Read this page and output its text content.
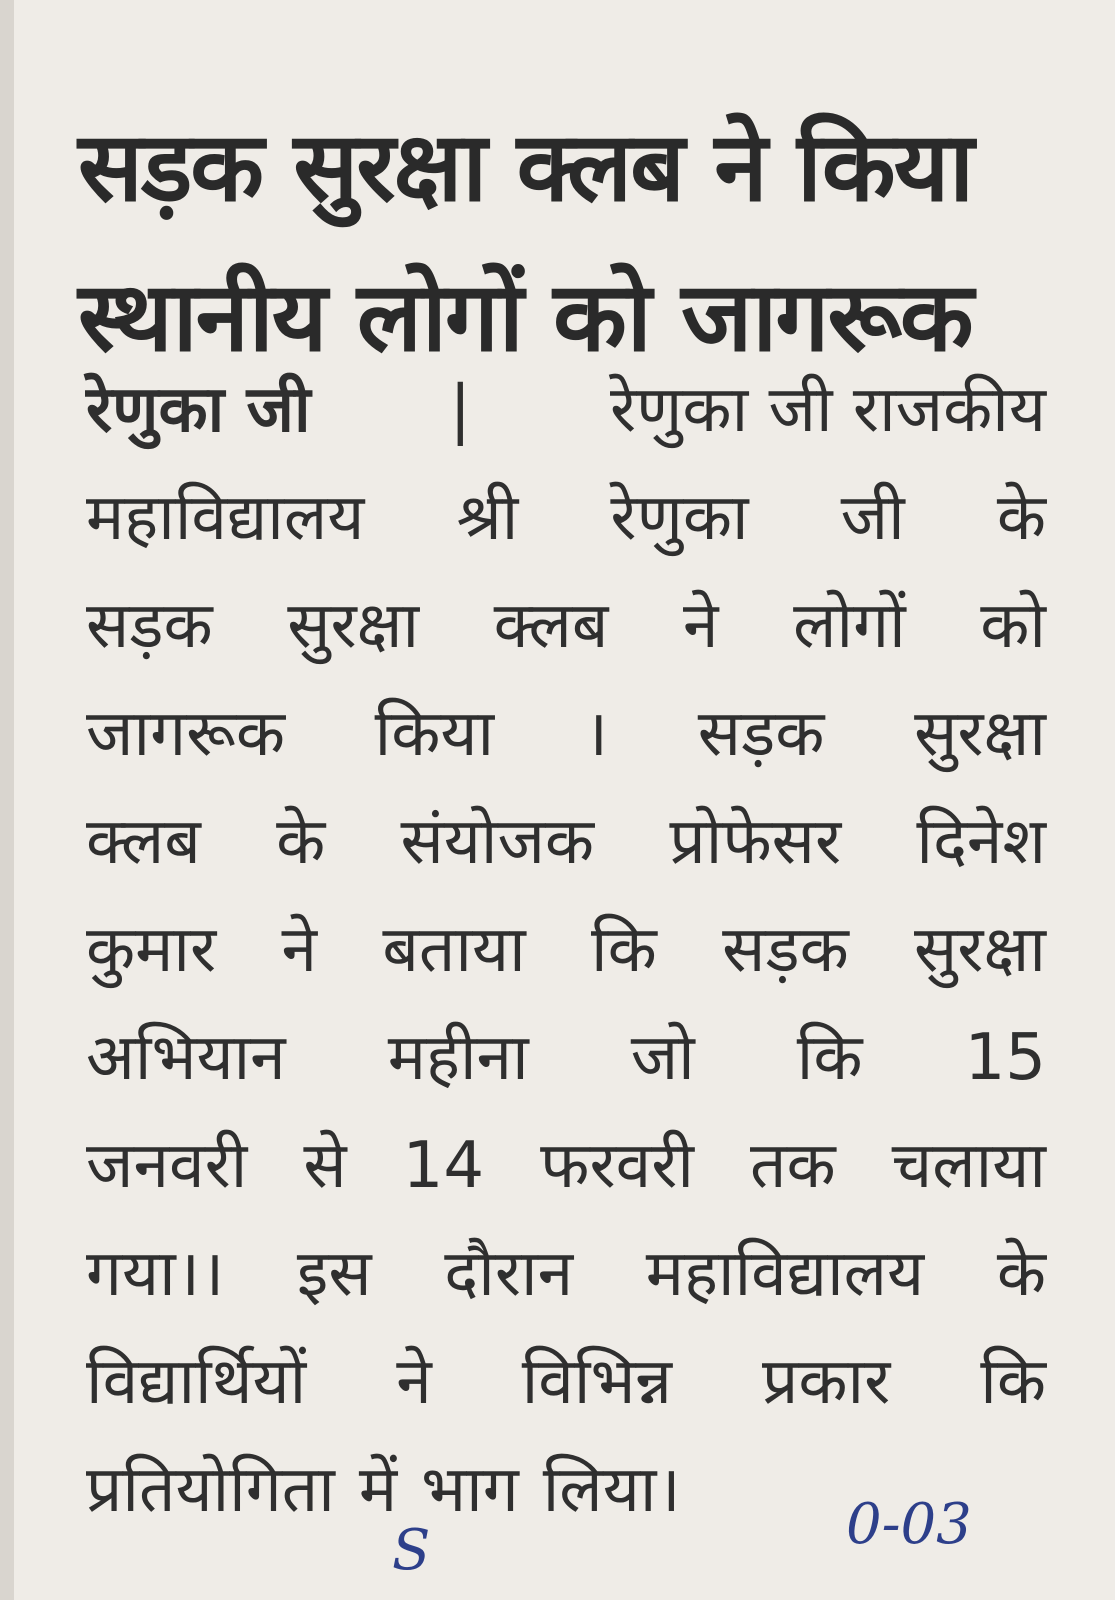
सड़क सुरक्षा क्लब ने किया
स्थानीय लोगों को जागरूक
रेणुका जी | रेणुका जी राजकीय
महाविद्यालय श्री रेणुका जी के
सड़क सुरक्षा क्लब ने लोगों को
जागरूक किया । सड़क सुरक्षा
क्लब के संयोजक प्रोफेसर दिनेश
कुमार ने बताया कि सड़क सुरक्षा
अभियान महीना जो कि 15
जनवरी से 14 फरवरी तक चलाया
गया।। इस दौरान महाविद्यालय के
विद्यार्थियों ने विभिन्न प्रकार कि
प्रतियोगिता में भाग लिया।
S	0-03
